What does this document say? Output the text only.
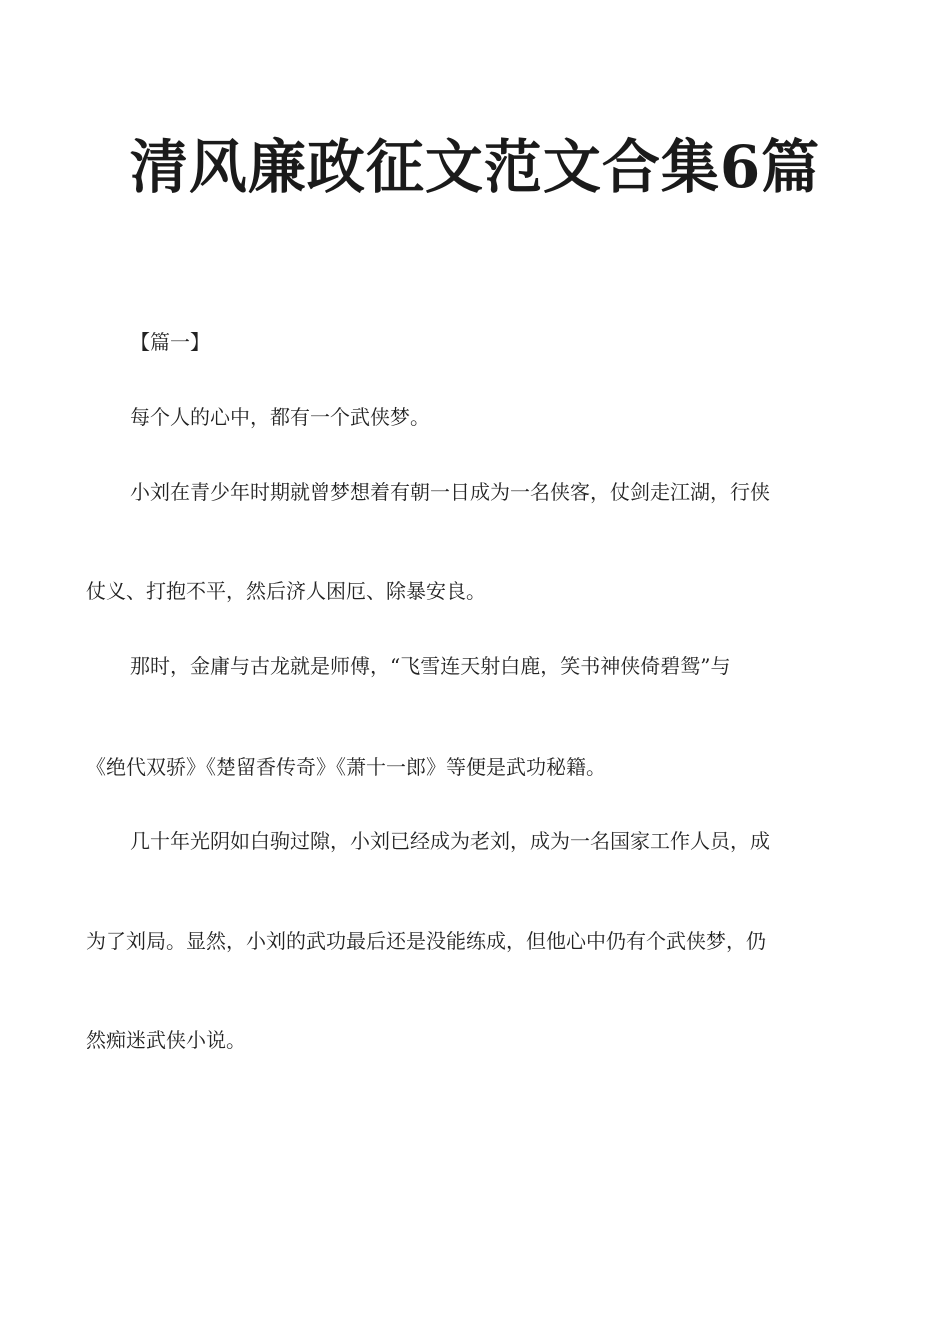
清风廉政征文范文合集6篇
【篇一】
每个人的心中，都有一个武侠梦。
小刘在青少年时期就曾梦想着有朝一日成为一名侠客，仗剑走江湖，行侠
仗义、打抱不平，然后济人困厄、除暴安良。
那时，金庸与古龙就是师傅，“飞雪连天射白鹿，笑书神侠倚碧鸳”与
《绝代双骄》《楚留香传奇》《萧十一郎》等便是武功秘籍。
几十年光阴如白驹过隙，小刘已经成为老刘，成为一名国家工作人员，成
为了刘局。显然，小刘的武功最后还是没能练成，但他心中仍有个武侠梦，仍
然痴迷武侠小说。
